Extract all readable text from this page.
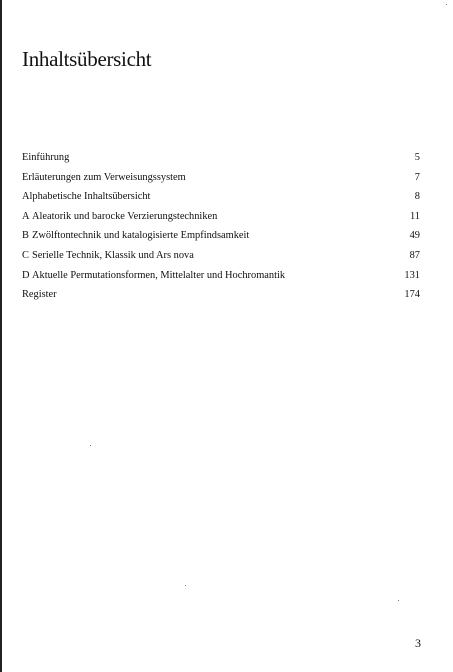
Inhaltsübersicht
Einführung	5
Erläuterungen zum Verweisungssystem	7
Alphabetische Inhaltsübersicht	8
A Aleatorik und barocke Verzierungstechniken	11
B Zwölftontechnik und katalogisierte Empfindsamkeit	49
C Serielle Technik, Klassik und Ars nova	87
D Aktuelle Permutationsformen, Mittelalter und Hochromantik	131
Register	174
3
